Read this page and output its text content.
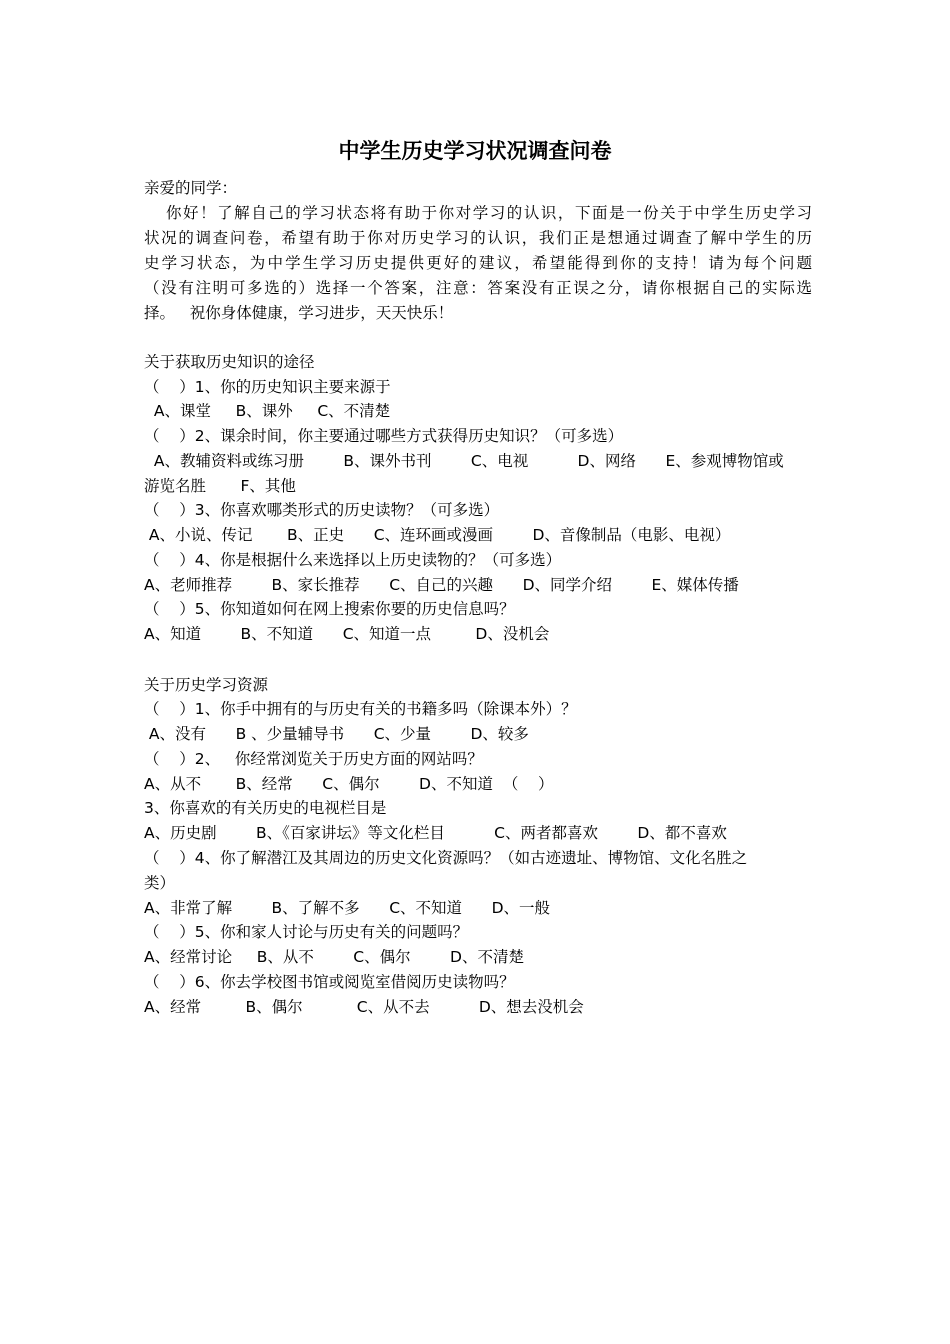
中学生历史学习状况调查问卷
亲爱的同学：
你好！了解自己的学习状态将有助于你对学习的认识，下面是一份关于中学生历史学习
状况的调查问卷，希望有助于你对历史学习的认识，我们正是想通过调查了解中学生的历
史学习状态，为中学生学习历史提供更好的建议，希望能得到你的支持！请为每个问题
（没有注明可多选的）选择一个答案，注意：答案没有正误之分，请你根据自己的实际选
择。   祝你身体健康，学习进步，天天快乐！
关于获取历史知识的途径
（    ）1、你的历史知识主要来源于
A、课堂     B、课外     C、不清楚
（    ）2、课余时间，你主要通过哪些方式获得历史知识？（可多选）
A、教辅资料或练习册        B、课外书刊        C、电视          D、网络      E、参观博物馆或
游览名胜       F、其他
（    ）3、你喜欢哪类形式的历史读物？（可多选）
A、小说、传记       B、正史      C、连环画或漫画        D、音像制品（电影、电视）
（    ）4、你是根据什么来选择以上历史读物的？（可多选）
A、老师推荐        B、家长推荐      C、自己的兴趣      D、同学介绍        E、媒体传播
（    ）5、你知道如何在网上搜索你要的历史信息吗？
A、知道        B、不知道      C、知道一点         D、没机会
关于历史学习资源
（    ）1、你手中拥有的与历史有关的书籍多吗（除课本外）？
A、没有      B 、少量辅导书      C、少量        D、较多
（    ）2、   你经常浏览关于历史方面的网站吗？
A、从不       B、经常      C、偶尔        D、不知道  （    ）
3、你喜欢的有关历史的电视栏目是
A、历史剧        B、《百家讲坛》等文化栏目          C、两者都喜欢        D、都不喜欢
（    ）4、你了解潜江及其周边的历史文化资源吗？（如古迹遗址、博物馆、文化名胜之
类）
A、非常了解        B、了解不多      C、不知道      D、一般
（    ）5、你和家人讨论与历史有关的问题吗？
A、经常讨论     B、从不        C、偶尔        D、不清楚
（    ）6、你去学校图书馆或阅览室借阅历史读物吗？
A、经常         B、偶尔           C、从不去          D、想去没机会
